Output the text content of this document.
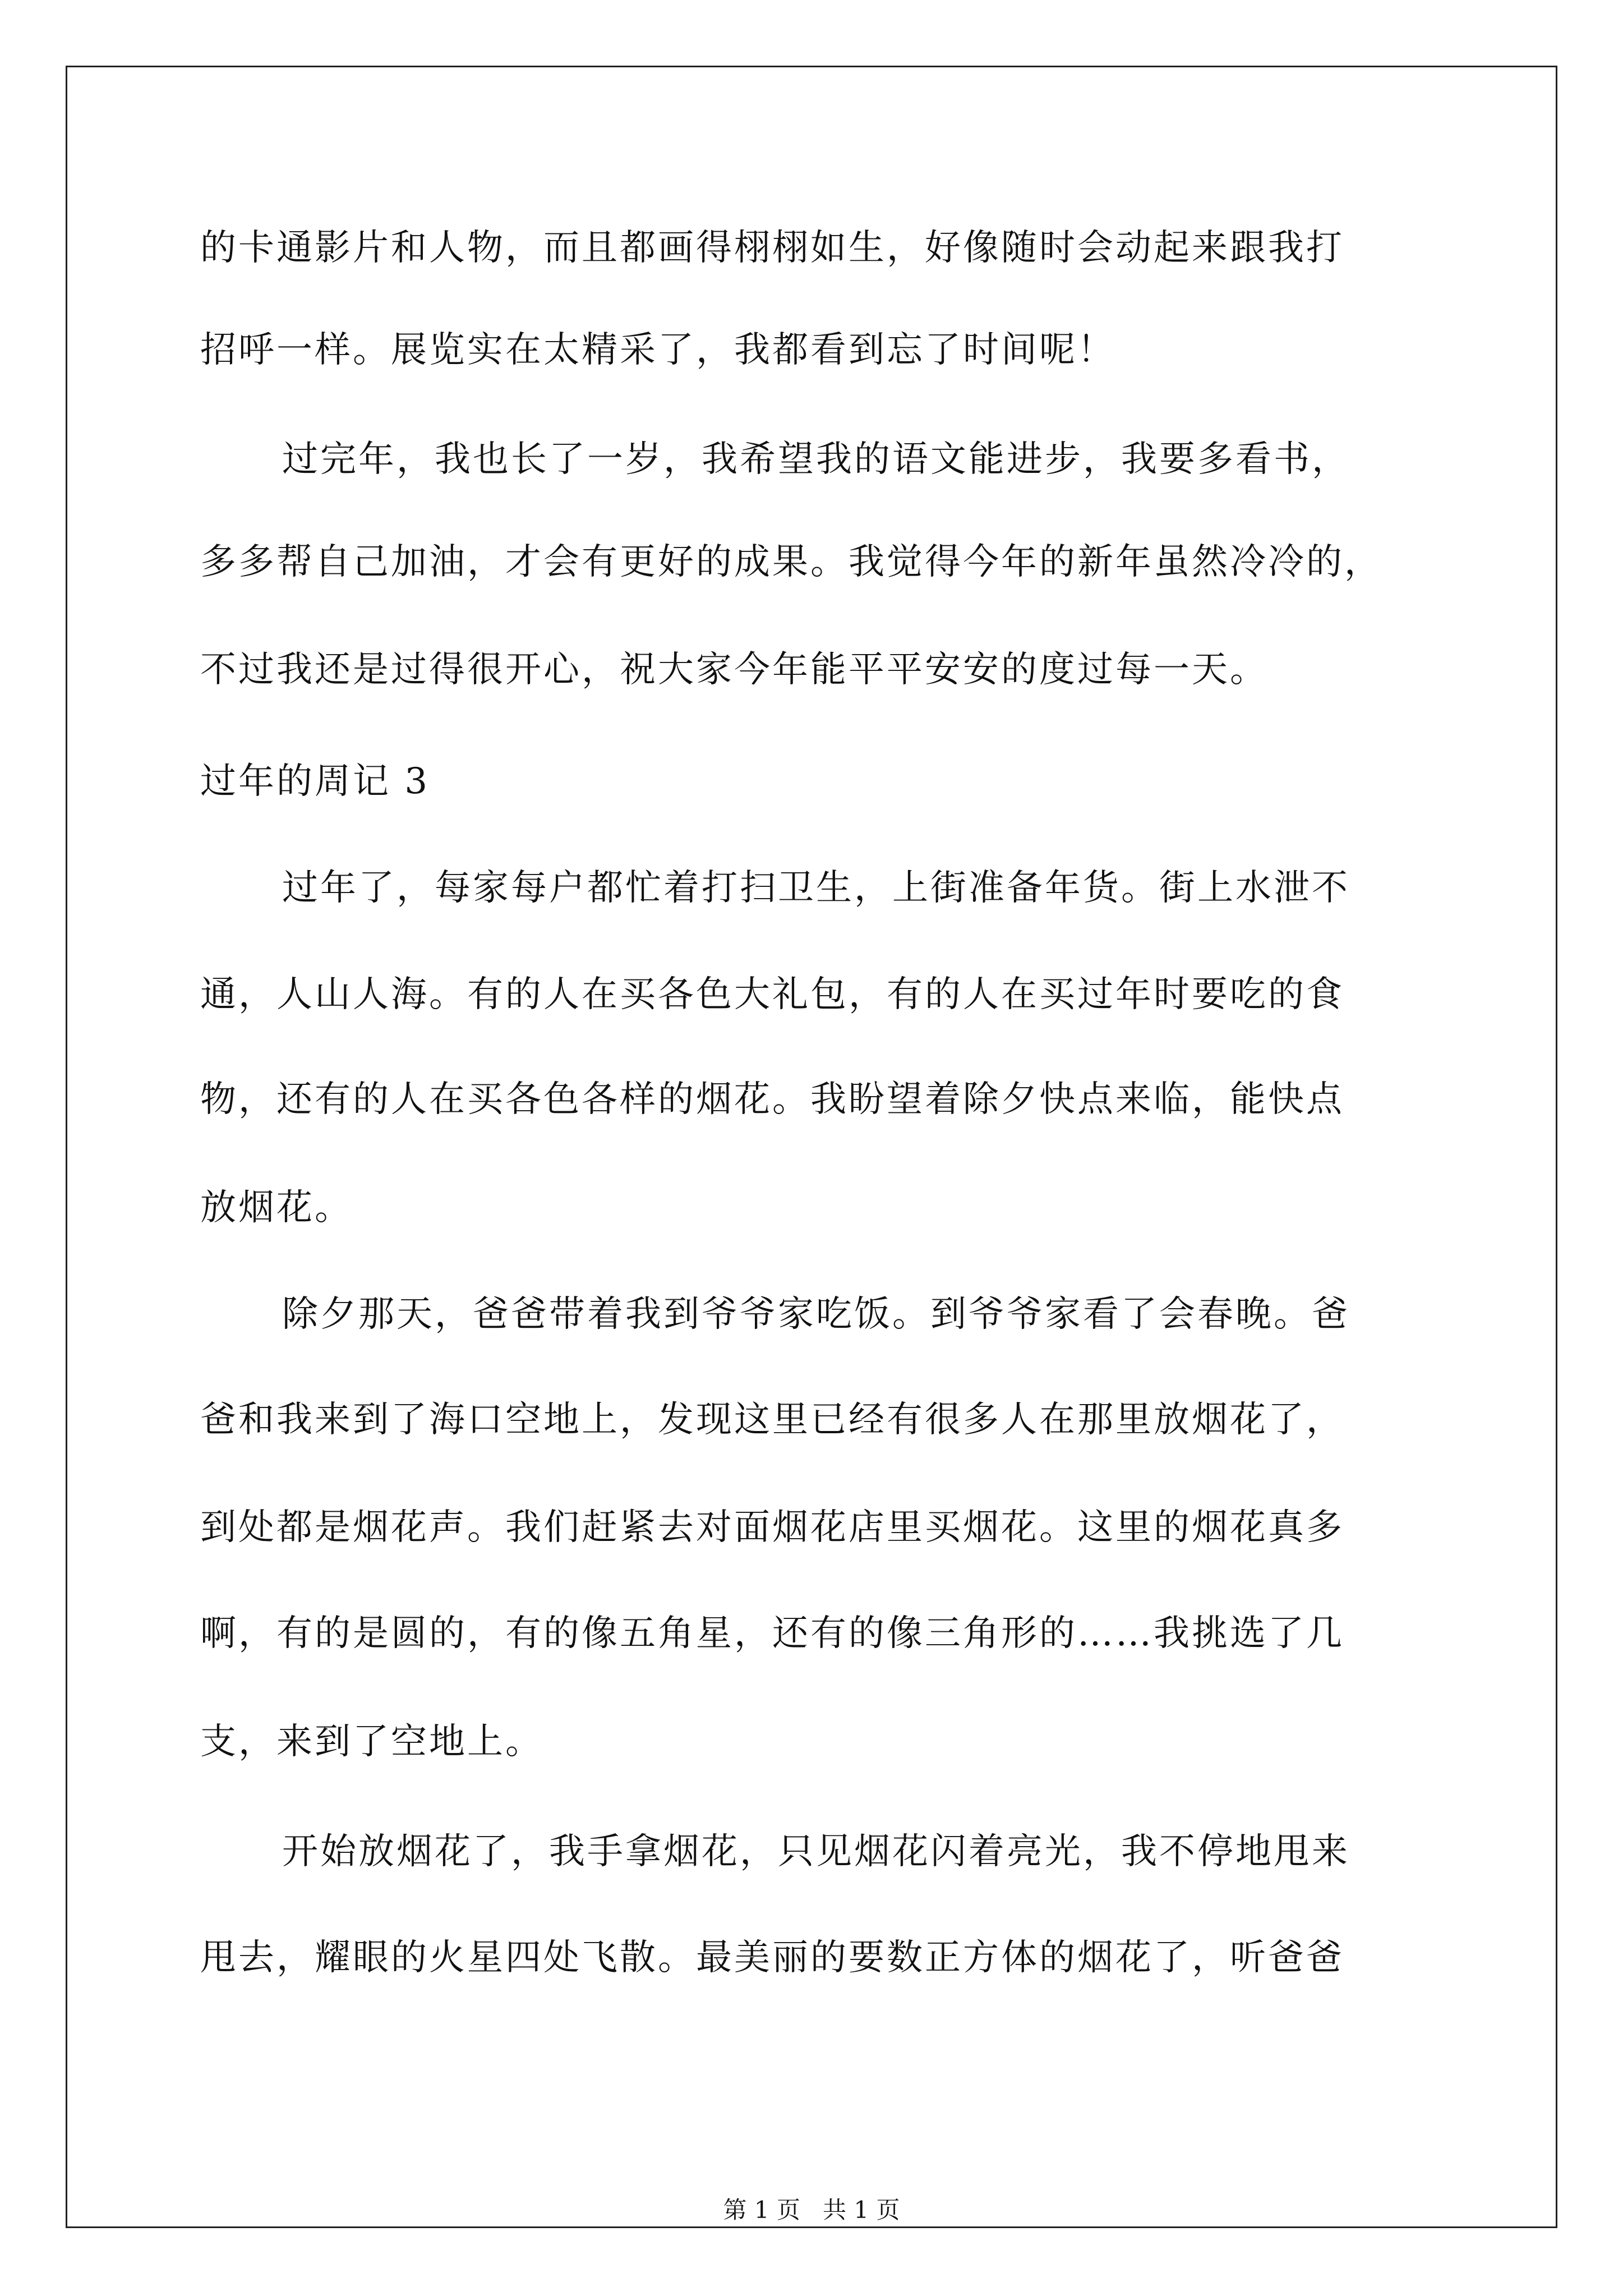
的卡通影片和人物，而且都画得栩栩如生，好像随时会动起来跟我打
招呼一样。展览实在太精采了，我都看到忘了时间呢！
过完年，我也长了一岁，我希望我的语文能进步，我要多看书，
多多帮自己加油，才会有更好的成果。我觉得今年的新年虽然冷冷的，
不过我还是过得很开心，祝大家今年能平平安安的度过每一天。
过年的周记 3
过年了，每家每户都忙着打扫卫生，上街准备年货。街上水泄不
通，人山人海。有的人在买各色大礼包，有的人在买过年时要吃的食
物，还有的人在买各色各样的烟花。我盼望着除夕快点来临，能快点
放烟花。
除夕那天，爸爸带着我到爷爷家吃饭。到爷爷家看了会春晚。爸
爸和我来到了海口空地上，发现这里已经有很多人在那里放烟花了，
到处都是烟花声。我们赶紧去对面烟花店里买烟花。这里的烟花真多
啊，有的是圆的，有的像五角星，还有的像三角形的……我挑选了几
支，来到了空地上。
开始放烟花了，我手拿烟花，只见烟花闪着亮光，我不停地甩来
甩去，耀眼的火星四处飞散。最美丽的要数正方体的烟花了，听爸爸
第 1 页   共 1 页
